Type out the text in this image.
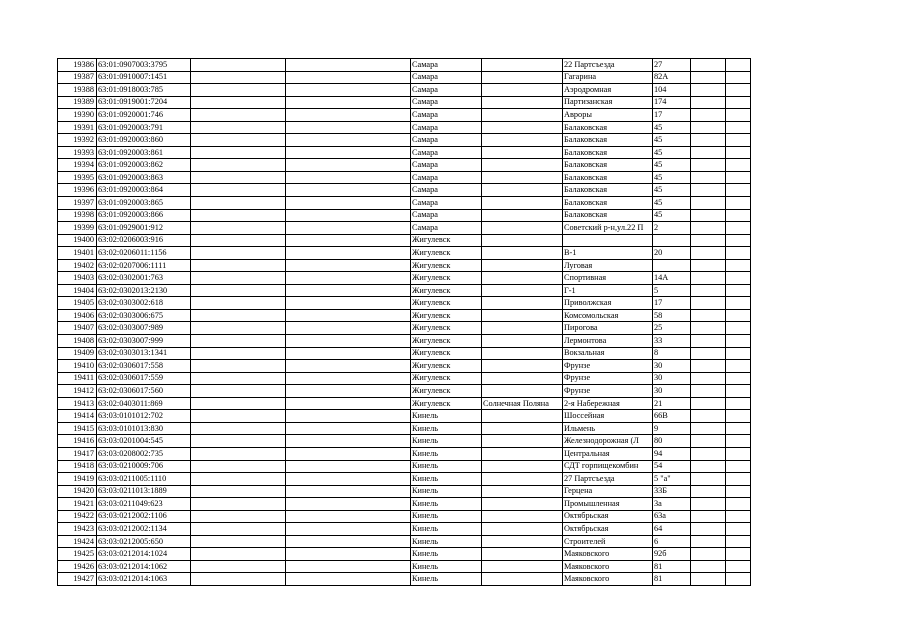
19386	63:01:0907003:3795			Самара		22 Партсъезда	27		
19387	63:01:0910007:1451			Самара		Гагарина	82А		
19388	63:01:0918003:785			Самара		Аэродромная	104		
19389	63:01:0919001:7204			Самара		Партизанская	174		
19390	63:01:0920001:746			Самара		Авроры	17		
19391	63:01:0920003:791			Самара		Балаковская	45		
19392	63:01:0920003:860			Самара		Балаковская	45		
19393	63:01:0920003:861			Самара		Балаковская	45		
19394	63:01:0920003:862			Самара		Балаковская	45		
19395	63:01:0920003:863			Самара		Балаковская	45		
19396	63:01:0920003:864			Самара		Балаковская	45		
19397	63:01:0920003:865			Самара		Балаковская	45		
19398	63:01:0920003:866			Самара		Балаковская	45		
19399	63:01:0929001:912			Самара		Советский р-н,ул.22 П	2		
19400	63:02:0206003:916			Жигулевск					
19401	63:02:0206011:1156			Жигулевск		В-1	20		
19402	63:02:0207006:1111			Жигулевск		Луговая			
19403	63:02:0302001:763			Жигулевск		Спортивная	14А		
19404	63:02:0302013:2130			Жигулевск		Г-1	5		
19405	63:02:0303002:618			Жигулевск		Приволжская	17		
19406	63:02:0303006:675			Жигулевск		Комсомольская	58		
19407	63:02:0303007:989			Жигулевск		Пирогова	25		
19408	63:02:0303007:999			Жигулевск		Лермонтова	33		
19409	63:02:0303013:1341			Жигулевск		Вокзальная	8		
19410	63:02:0306017:558			Жигулевск		Фрунзе	30		
19411	63:02:0306017:559			Жигулевск		Фрунзе	30		
19412	63:02:0306017:560			Жигулевск		Фрунзе	30		
19413	63:02:0403011:869			Жигулевск	Солнечная Поляна	2-я Набережная	21		
19414	63:03:0101012:702			Кинель		Шоссейная	66В		
19415	63:03:0101013:830			Кинель		Ильмень	9		
19416	63:03:0201004:545			Кинель		Железнодорожная (Л	80		
19417	63:03:0208002:735			Кинель		Центральная	94		
19418	63:03:0210009:706			Кинель		СДТ горпищекомбин	54		
19419	63:03:0211005:1110			Кинель		27 Партсъезда	5 "а"		
19420	63:03:0211013:1889			Кинель		Герцена	33Б		
19421	63:03:0211049:623			Кинель		Промышленная	3а		
19422	63:03:0212002:1106			Кинель		Октябрьская	63а		
19423	63:03:0212002:1134			Кинель		Октябрьская	64		
19424	63:03:0212005:650			Кинель		Строителей	6		
19425	63:03:0212014:1024			Кинель		Маяковского	92б		
19426	63:03:0212014:1062			Кинель		Маяковского	81		
19427	63:03:0212014:1063			Кинель		Маяковского	81		
